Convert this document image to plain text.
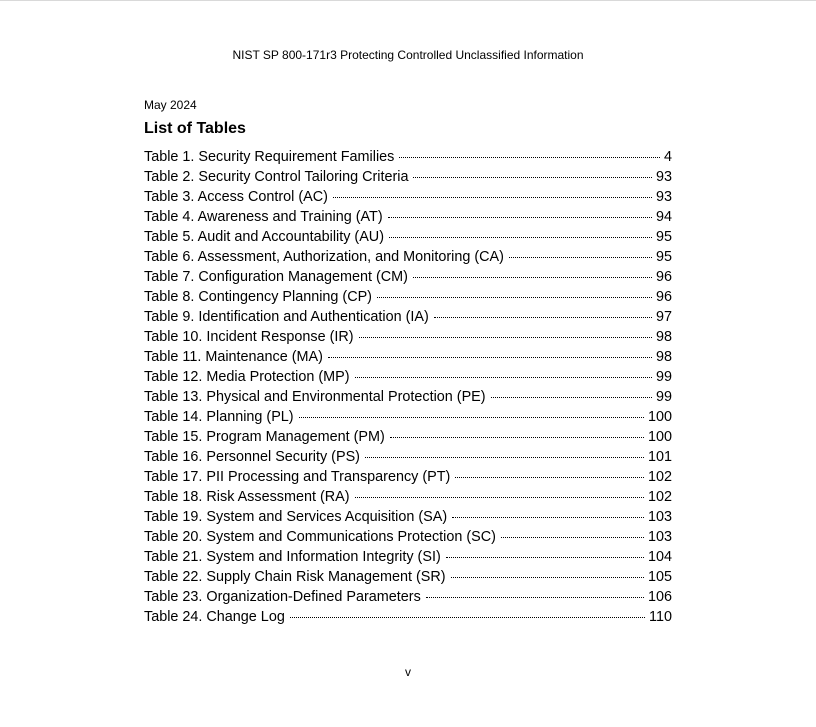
NIST SP 800-171r3 Protecting Controlled Unclassified Information
May 2024
List of Tables
Table 1. Security Requirement Families	4
Table 2. Security Control Tailoring Criteria	93
Table 3. Access Control (AC)	93
Table 4. Awareness and Training (AT)	94
Table 5. Audit and Accountability (AU)	95
Table 6. Assessment, Authorization, and Monitoring (CA)	95
Table 7. Configuration Management (CM)	96
Table 8. Contingency Planning (CP)	96
Table 9. Identification and Authentication (IA)	97
Table 10. Incident Response (IR)	98
Table 11. Maintenance (MA)	98
Table 12. Media Protection (MP)	99
Table 13. Physical and Environmental Protection (PE)	99
Table 14. Planning (PL)	100
Table 15. Program Management (PM)	100
Table 16. Personnel Security (PS)	101
Table 17. PII Processing and Transparency (PT)	102
Table 18. Risk Assessment (RA)	102
Table 19. System and Services Acquisition (SA)	103
Table 20. System and Communications Protection (SC)	103
Table 21. System and Information Integrity (SI)	104
Table 22. Supply Chain Risk Management (SR)	105
Table 23. Organization-Defined Parameters	106
Table 24. Change Log	110
v
